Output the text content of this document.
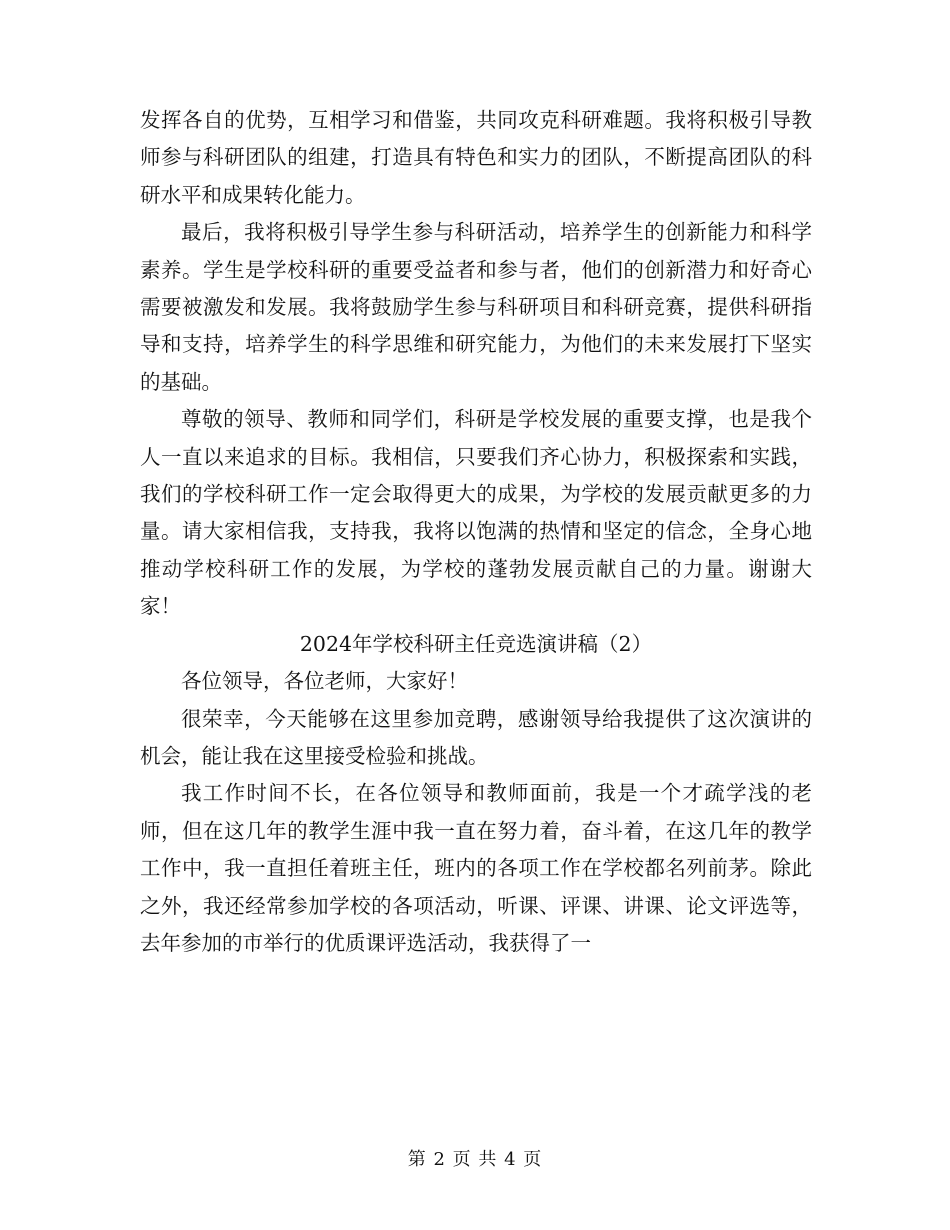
发挥各自的优势，互相学习和借鉴，共同攻克科研难题。我将积极引导教师参与科研团队的组建，打造具有特色和实力的团队，不断提高团队的科研水平和成果转化能力。

最后，我将积极引导学生参与科研活动，培养学生的创新能力和科学素养。学生是学校科研的重要受益者和参与者，他们的创新潜力和好奇心需要被激发和发展。我将鼓励学生参与科研项目和科研竞赛，提供科研指导和支持，培养学生的科学思维和研究能力，为他们的未来发展打下坚实的基础。

尊敬的领导、教师和同学们，科研是学校发展的重要支撑，也是我个人一直以来追求的目标。我相信，只要我们齐心协力，积极探索和实践，我们的学校科研工作一定会取得更大的成果，为学校的发展贡献更多的力量。请大家相信我，支持我，我将以饱满的热情和坚定的信念，全身心地推动学校科研工作的发展，为学校的蓬勃发展贡献自己的力量。谢谢大家！

2024年学校科研主任竞选演讲稿（2）

各位领导，各位老师，大家好！

很荣幸，今天能够在这里参加竞聘，感谢领导给我提供了这次演讲的机会，能让我在这里接受检验和挑战。

我工作时间不长，在各位领导和教师面前，我是一个才疏学浅的老师，但在这几年的教学生涯中我一直在努力着，奋斗着，在这几年的教学工作中，我一直担任着班主任，班内的各项工作在学校都名列前茅。除此之外，我还经常参加学校的各项活动，听课、评课、讲课、论文评选等，去年参加的市举行的优质课评选活动，我获得了一

第 2 页 共 4 页
